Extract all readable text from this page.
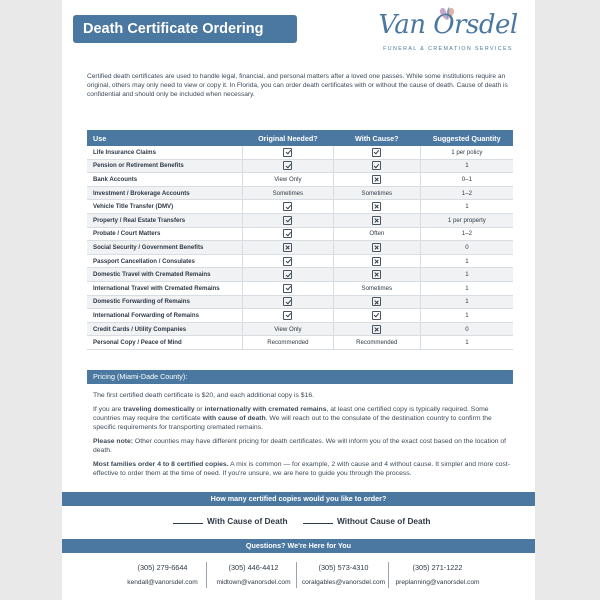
Death Certificate Ordering Guide
Van Orsdel
FUNERAL & CREMATION SERVICES
Certified death certificates are used to handle legal, financial, and personal matters after a loved one passes. While some institutions require an original, others may only need to view or copy it. In Florida, you can order death certificates with or without the cause of death. Cause of death is confidential and should only be included when necessary.
Use	Original Needed?	With Cause?	Suggested Quantity
Life Insurance Claims			1 per policy
Pension or Retirement Benefits			1
Bank Accounts	View Only		0–1
Investment / Brokerage Accounts	Sometimes	Sometimes	1–2
Vehicle Title Transfer (DMV)			1
Property / Real Estate Transfers			1 per property
Probate / Court Matters		Often	1–2
Social Security / Government Benefits			0
Passport Cancellation / Consulates			1
Domestic Travel with Cremated Remains			1
International Travel with Cremated Remains		Sometimes	1
Domestic Forwarding of Remains			1
International Forwarding of Remains			1
Credit Cards / Utility Companies	View Only		0
Personal Copy / Peace of Mind	Recommended	Recommended	1
Pricing (Miami-Dade County):

The first certified death certificate is $20, and each additional copy is $16.

If you are traveling domestically or internationally with cremated remains, at least one certified copy is typically required. Some countries may require the certificate with cause of death. We will reach out to the consulate of the destination country to confirm the specific requirements for transporting cremated remains.

Please note: Other counties may have different pricing for death certificates. We will inform you of the exact cost based on the location of death.

Most families order 4 to 8 certified copies. A mix is common — for example, 2 with cause and 4 without cause. It simpler and more cost-effective to order them at the time of need. If you're unsure, we are here to guide you through the process.

How many certified copies would you like to order?
With Cause of Death	Without Cause of Death
Questions? We're Here for You
(305) 279-6644
kendall@vanorsdel.com
(305) 446-4412
midtown@vanorsdel.com
(305) 573-4310
coralgables@vanorsdel.com
(305) 271-1222
preplanning@vanorsdel.com
